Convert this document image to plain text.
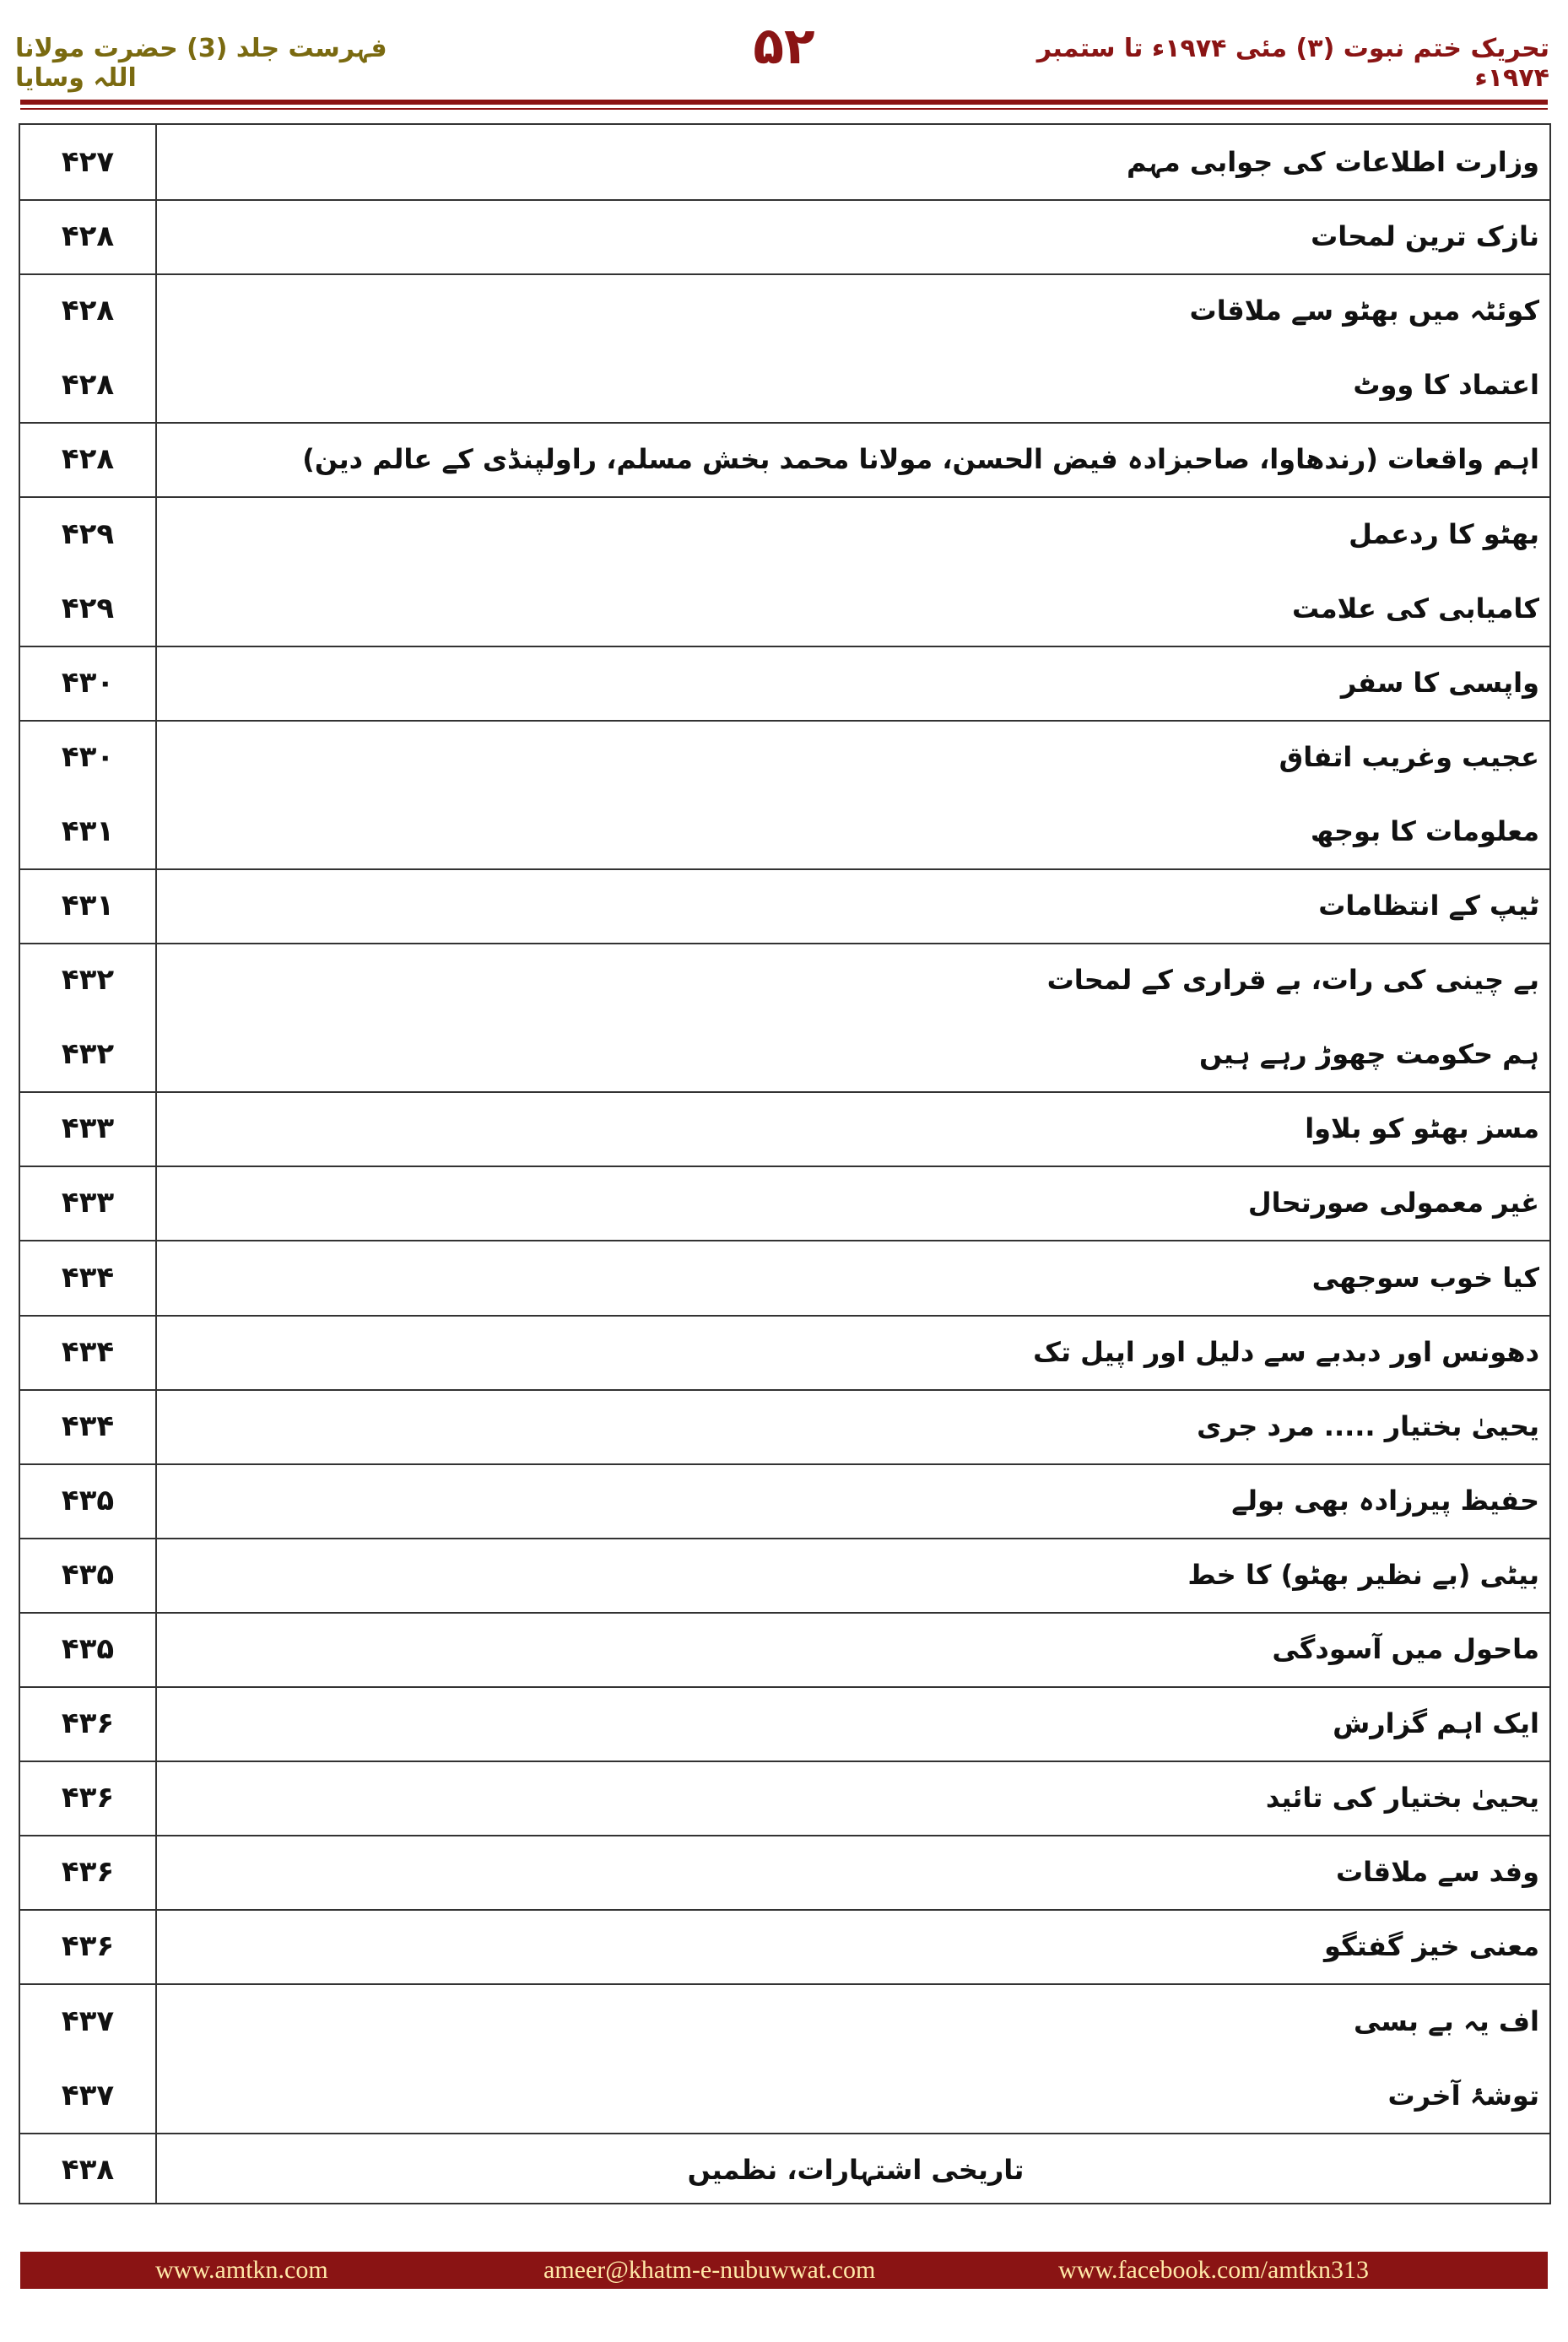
تحریک ختم نبوت (۳) مئی ۱۹۷۴ء تا ستمبر ۱۹۷۴ء
۵۲
فہرست جلد (3) حضرت مولانا اللہ وسایا
وزارت اطلاعات کی جوابی مہم
۴۲۷
نازک ترین لمحات
۴۲۸
کوئٹہ میں بھٹو سے ملاقات
۴۲۸
اعتماد کا ووٹ
۴۲۸
اہم واقعات (رندھاوا، صاحبزادہ فیض الحسن، مولانا محمد بخش مسلم، راولپنڈی کے عالم دین)
۴۲۸
بھٹو کا ردعمل
۴۲۹
کامیابی کی علامت
۴۲۹
واپسی کا سفر
۴۳۰
عجیب وغریب اتفاق
۴۳۰
معلومات کا بوجھ
۴۳۱
ٹیپ کے انتظامات
۴۳۱
بے چینی کی رات، بے قراری کے لمحات
۴۳۲
ہم حکومت چھوڑ رہے ہیں
۴۳۲
مسز بھٹو کو بلاوا
۴۳۳
غیر معمولی صورتحال
۴۳۳
کیا خوب سوجھی
۴۳۴
دھونس اور دبدبے سے دلیل اور اپیل تک
۴۳۴
یحییٰ بختیار ..... مرد جری
۴۳۴
حفیظ پیرزادہ بھی بولے
۴۳۵
بیٹی (بے نظیر بھٹو) کا خط
۴۳۵
ماحول میں آسودگی
۴۳۵
ایک اہم گزارش
۴۳۶
یحییٰ بختیار کی تائید
۴۳۶
وفد سے ملاقات
۴۳۶
معنی خیز گفتگو
۴۳۶
اف یہ بے بسی
۴۳۷
توشۂ آخرت
۴۳۷
تاریخی اشتہارات، نظمیں
۴۳۸
www.amtkn.com	ameer@khatm-e-nubuwwat.com	www.facebook.com/amtkn313
